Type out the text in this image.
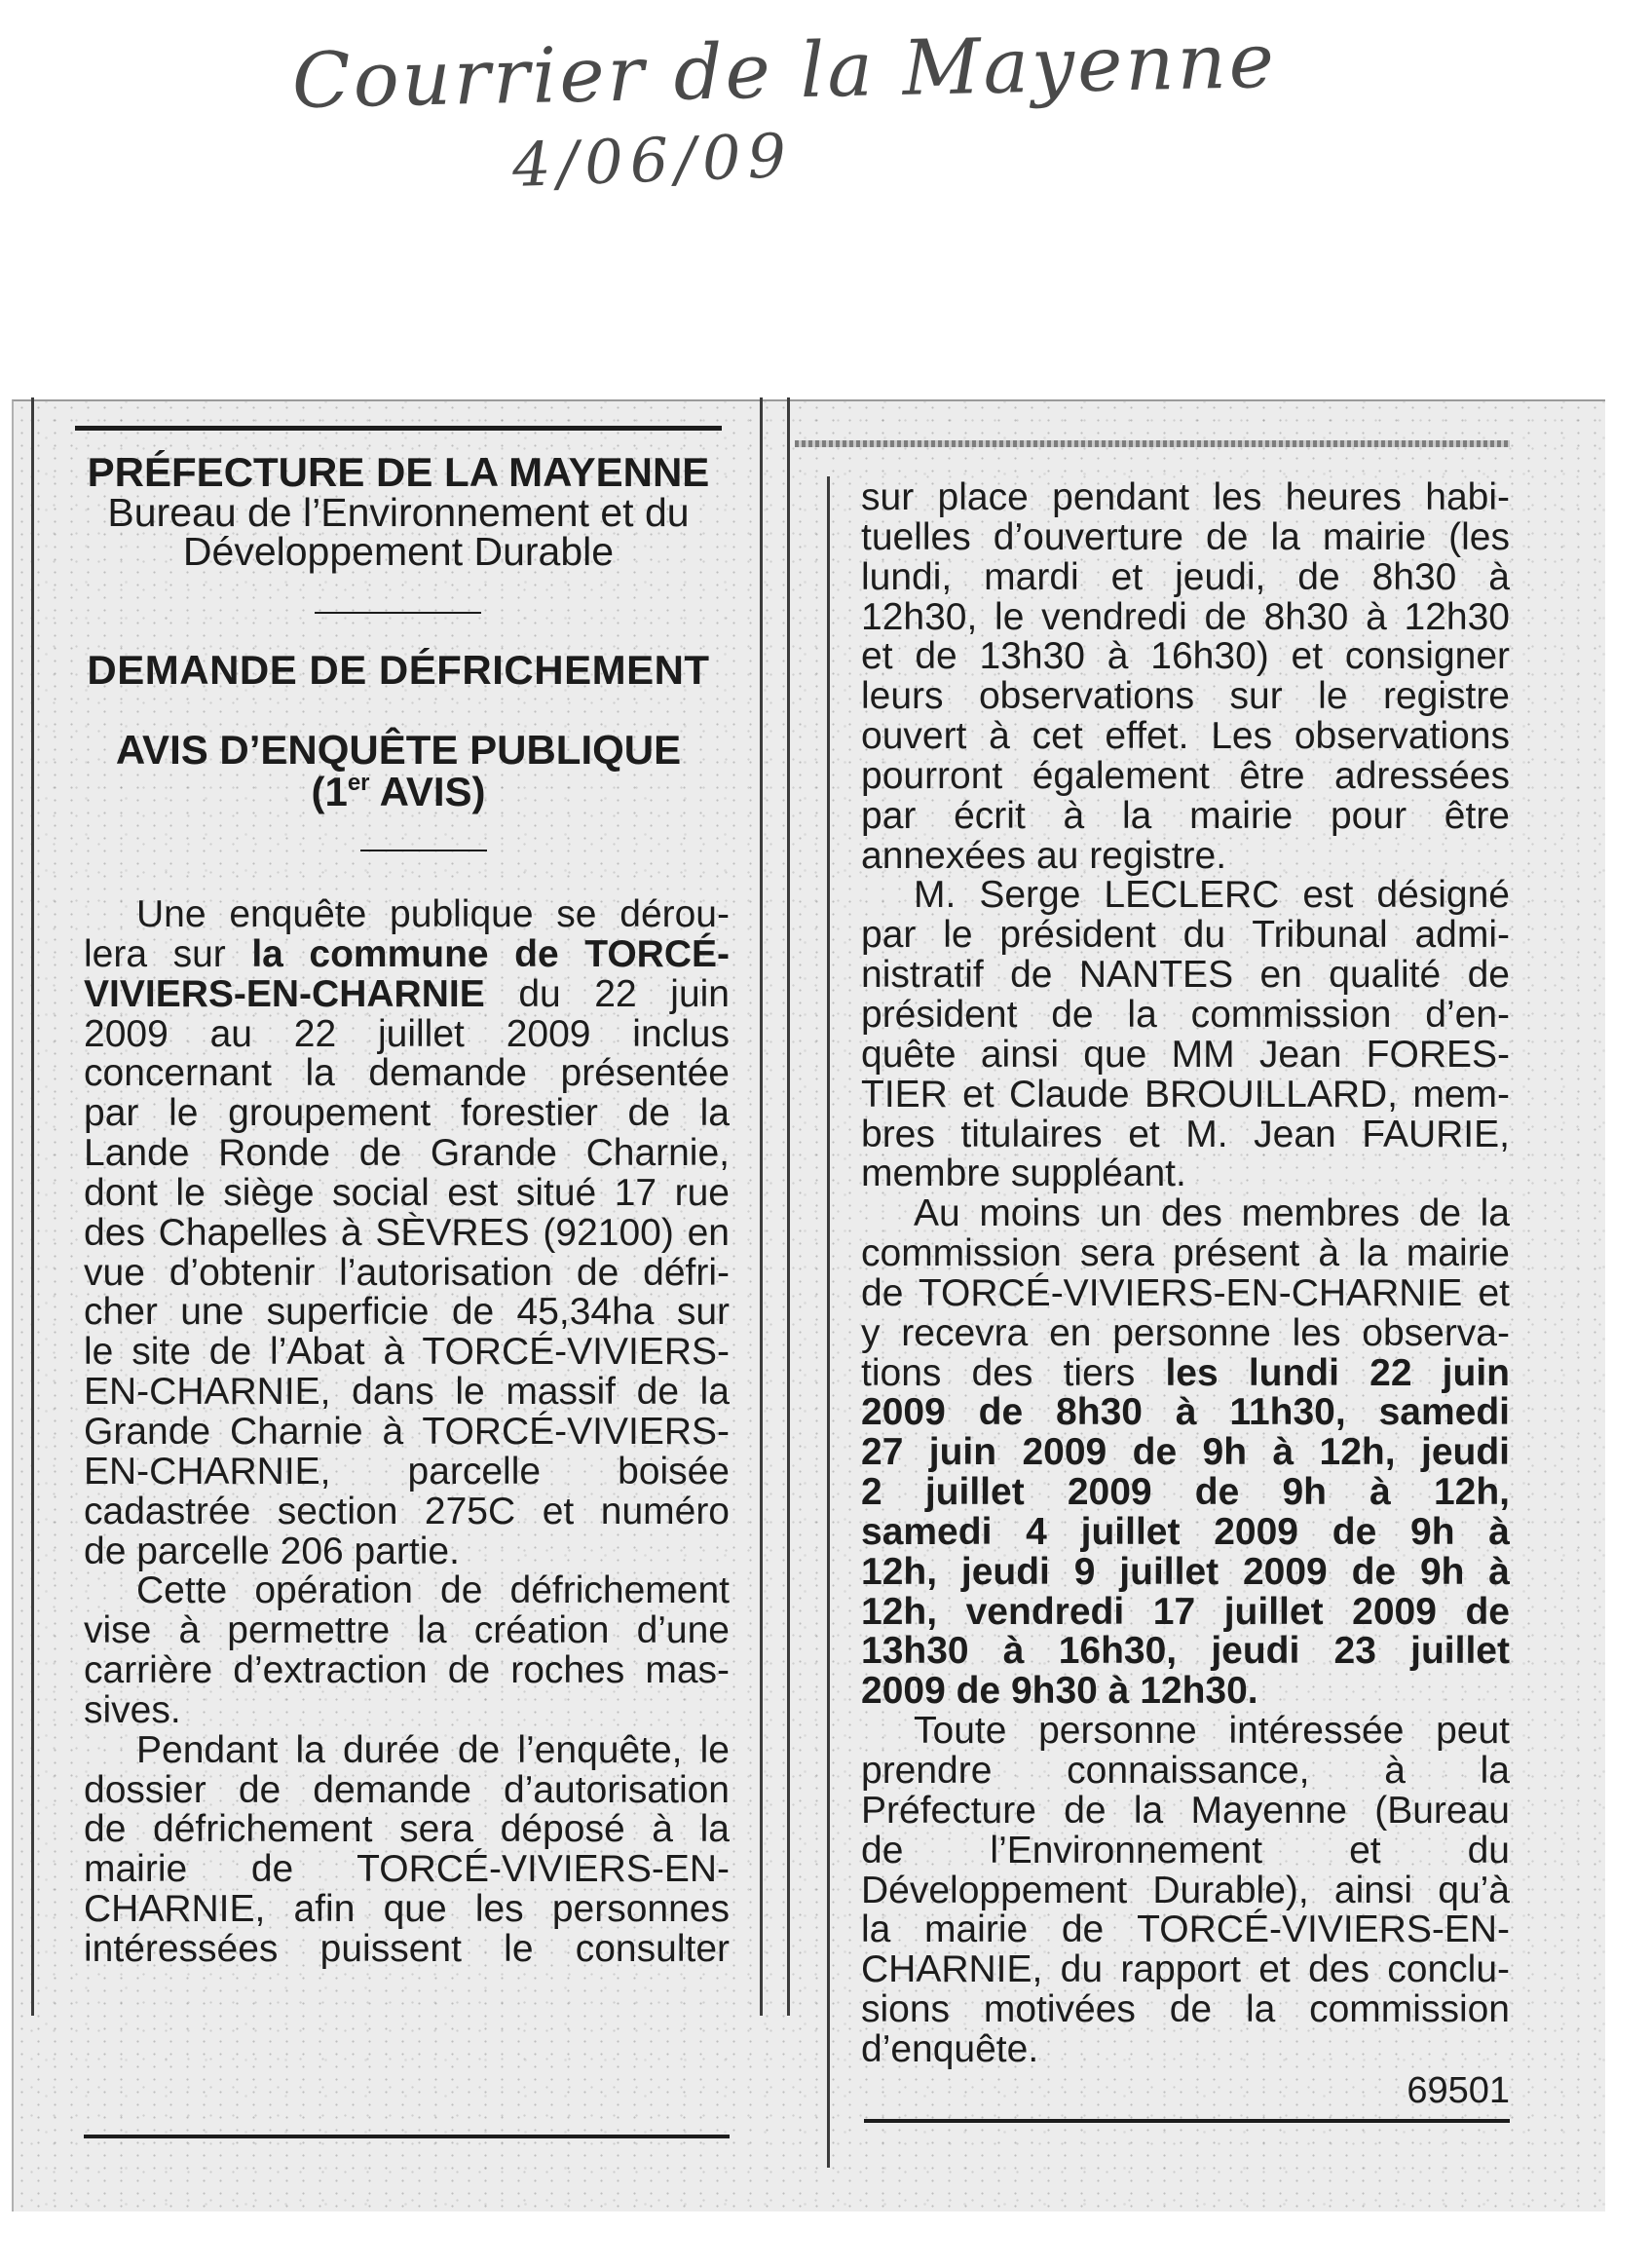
Courrier de la Mayenne
4/06/09
PRÉFECTURE DE LA MAYENNE
Bureau de l’Environnement et du
Développement Durable
DEMANDE DE DÉFRICHEMENT
AVIS D’ENQUÊTE PUBLIQUE
(1er AVIS)
Une enquête publique se dérou-
lera sur la commune de TORCÉ-
VIVIERS-EN-CHARNIE du 22 juin
2009 au 22 juillet 2009 inclus
concernant la demande présentée
par le groupement forestier de la
Lande Ronde de Grande Charnie,
dont le siège social est situé 17 rue
des Chapelles à SÈVRES (92100) en
vue d’obtenir l’autorisation de défri-
cher une superficie de 45,34ha sur
le site de l’Abat à TORCÉ-VIVIERS-
EN-CHARNIE, dans le massif de la
Grande Charnie à TORCÉ-VIVIERS-
EN-CHARNIE, parcelle boisée
cadastrée section 275C et numéro
de parcelle 206 partie.
Cette opération de défrichement
vise à permettre la création d’une
carrière d’extraction de roches mas-
sives.
Pendant la durée de l’enquête, le
dossier de demande d’autorisation
de défrichement sera déposé à la
mairie de TORCÉ-VIVIERS-EN-
CHARNIE, afin que les personnes
intéressées puissent le consulter
sur place pendant les heures habi-
tuelles d’ouverture de la mairie (les
lundi, mardi et jeudi, de 8h30 à
12h30, le vendredi de 8h30 à 12h30
et de 13h30 à 16h30) et consigner
leurs observations sur le registre
ouvert à cet effet. Les observations
pourront également être adressées
par écrit à la mairie pour être
annexées au registre.
M. Serge LECLERC est désigné
par le président du Tribunal admi-
nistratif de NANTES en qualité de
président de la commission d’en-
quête ainsi que MM Jean FORES-
TIER et Claude BROUILLARD, mem-
bres titulaires et M. Jean FAURIE,
membre suppléant.
Au moins un des membres de la
commission sera présent à la mairie
de TORCÉ-VIVIERS-EN-CHARNIE et
y recevra en personne les observa-
tions des tiers les lundi 22 juin
2009 de 8h30 à 11h30, samedi
27 juin 2009 de 9h à 12h, jeudi
2 juillet 2009 de 9h à 12h,
samedi 4 juillet 2009 de 9h à
12h, jeudi 9 juillet 2009 de 9h à
12h, vendredi 17 juillet 2009 de
13h30 à 16h30, jeudi 23 juillet
2009 de 9h30 à 12h30.
Toute personne intéressée peut
prendre connaissance, à la
Préfecture de la Mayenne (Bureau
de l’Environnement et du
Développement Durable), ainsi qu’à
la mairie de TORCÉ-VIVIERS-EN-
CHARNIE, du rapport et des conclu-
sions motivées de la commission
d’enquête.
69501
